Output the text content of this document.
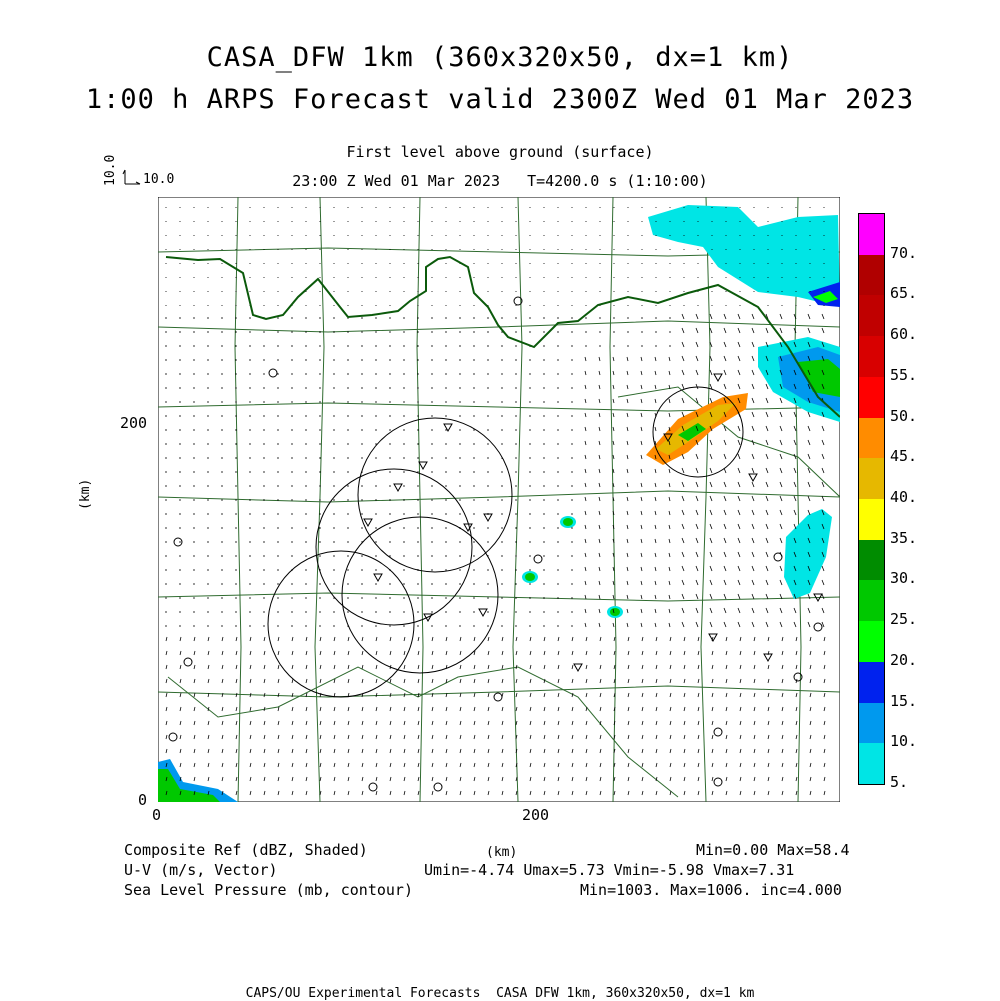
CASA_DFW 1km (360x320x50, dx=1 km)
1:00 h ARPS Forecast valid 2300Z Wed 01 Mar 2023
First level above ground (surface)
23:00 Z Wed 01 Mar 2023   T=4200.0 s (1:10:00)
10.0 10.0
(km)
200
0
0	200
5.
10.
15.
20.
25.
30.
35.
40.
45.
50.
55.
60.
65.
70.
Composite Ref (dBZ, Shaded)
U-V (m/s, Vector)
Sea Level Pressure (mb, contour)
(km)	Min=0.00 Max=58.4
Umin=-4.74 Umax=5.73 Vmin=-5.98 Vmax=7.31
Min=1003. Max=1006. inc=4.000
CAPS/OU Experimental Forecasts  CASA DFW 1km, 360x320x50, dx=1 km
